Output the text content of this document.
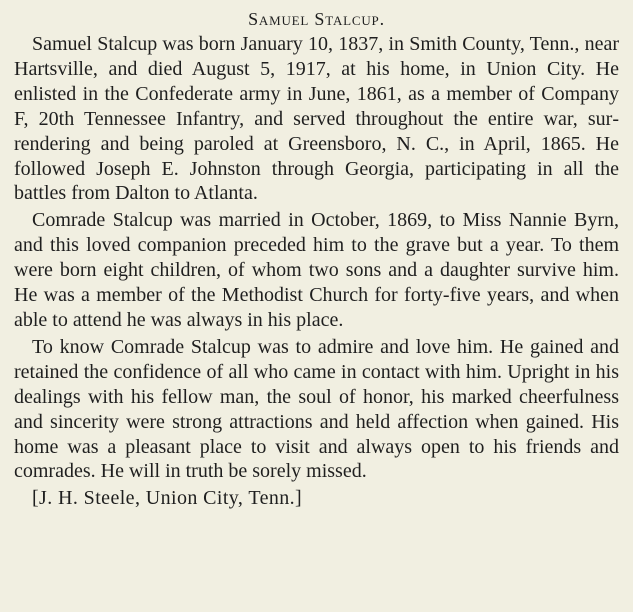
Samuel Stalcup.

Samuel Stalcup was born January 10, 1837, in Smith County, Tenn., near Hartsville, and died August 5, 1917, at his home, in Union City. He enlisted in the Confederate army in June, 1861, as a member of Company F, 20th Tennessee Infantry, and served throughout the entire war, surrendering and being paroled at Greensboro, N. C., in April, 1865. He followed Joseph E. Johnston through Georgia, participating in all the battles from Dalton to Atlanta.

Comrade Stalcup was married in October, 1869, to Miss Nannie Byrn, and this loved companion preceded him to the grave but a year. To them were born eight children, of whom two sons and a daughter survive him. He was a member of the Methodist Church for forty-five years, and when able to attend he was always in his place.

To know Comrade Stalcup was to admire and love him. He gained and retained the confidence of all who came in contact with him. Upright in his dealings with his fellow man, the soul of honor, his marked cheerfulness and sincerity were strong attractions and held affection when gained. His home was a pleasant place to visit and always open to his friends and comrades. He will in truth be sorely missed.

[J. H. Steele, Union City, Tenn.]
